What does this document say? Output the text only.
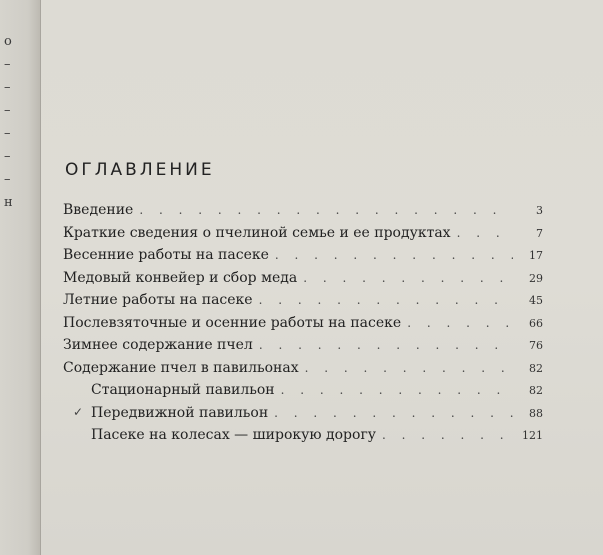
o
–
–
–
–
–
–
н
ОГЛАВЛЕНИЕ
Введение . . .	3
Краткие сведения о пчелиной семье и ее продуктах . . .	7
Весенние работы на пасеке . . .	17
Медовый конвейер и сбор меда . . .	29
Летние работы на пасеке . . .	45
Послевзяточные и осенние работы на пасеке . . .	66
Зимнее содержание пчел . . .	76
Содержание пчел в павильонах . . .	82
Стационарный павильон . . .	82
✓ Передвижной павильон . . .	88
Пасеке на колесах — широкую дорогу . . .	121
